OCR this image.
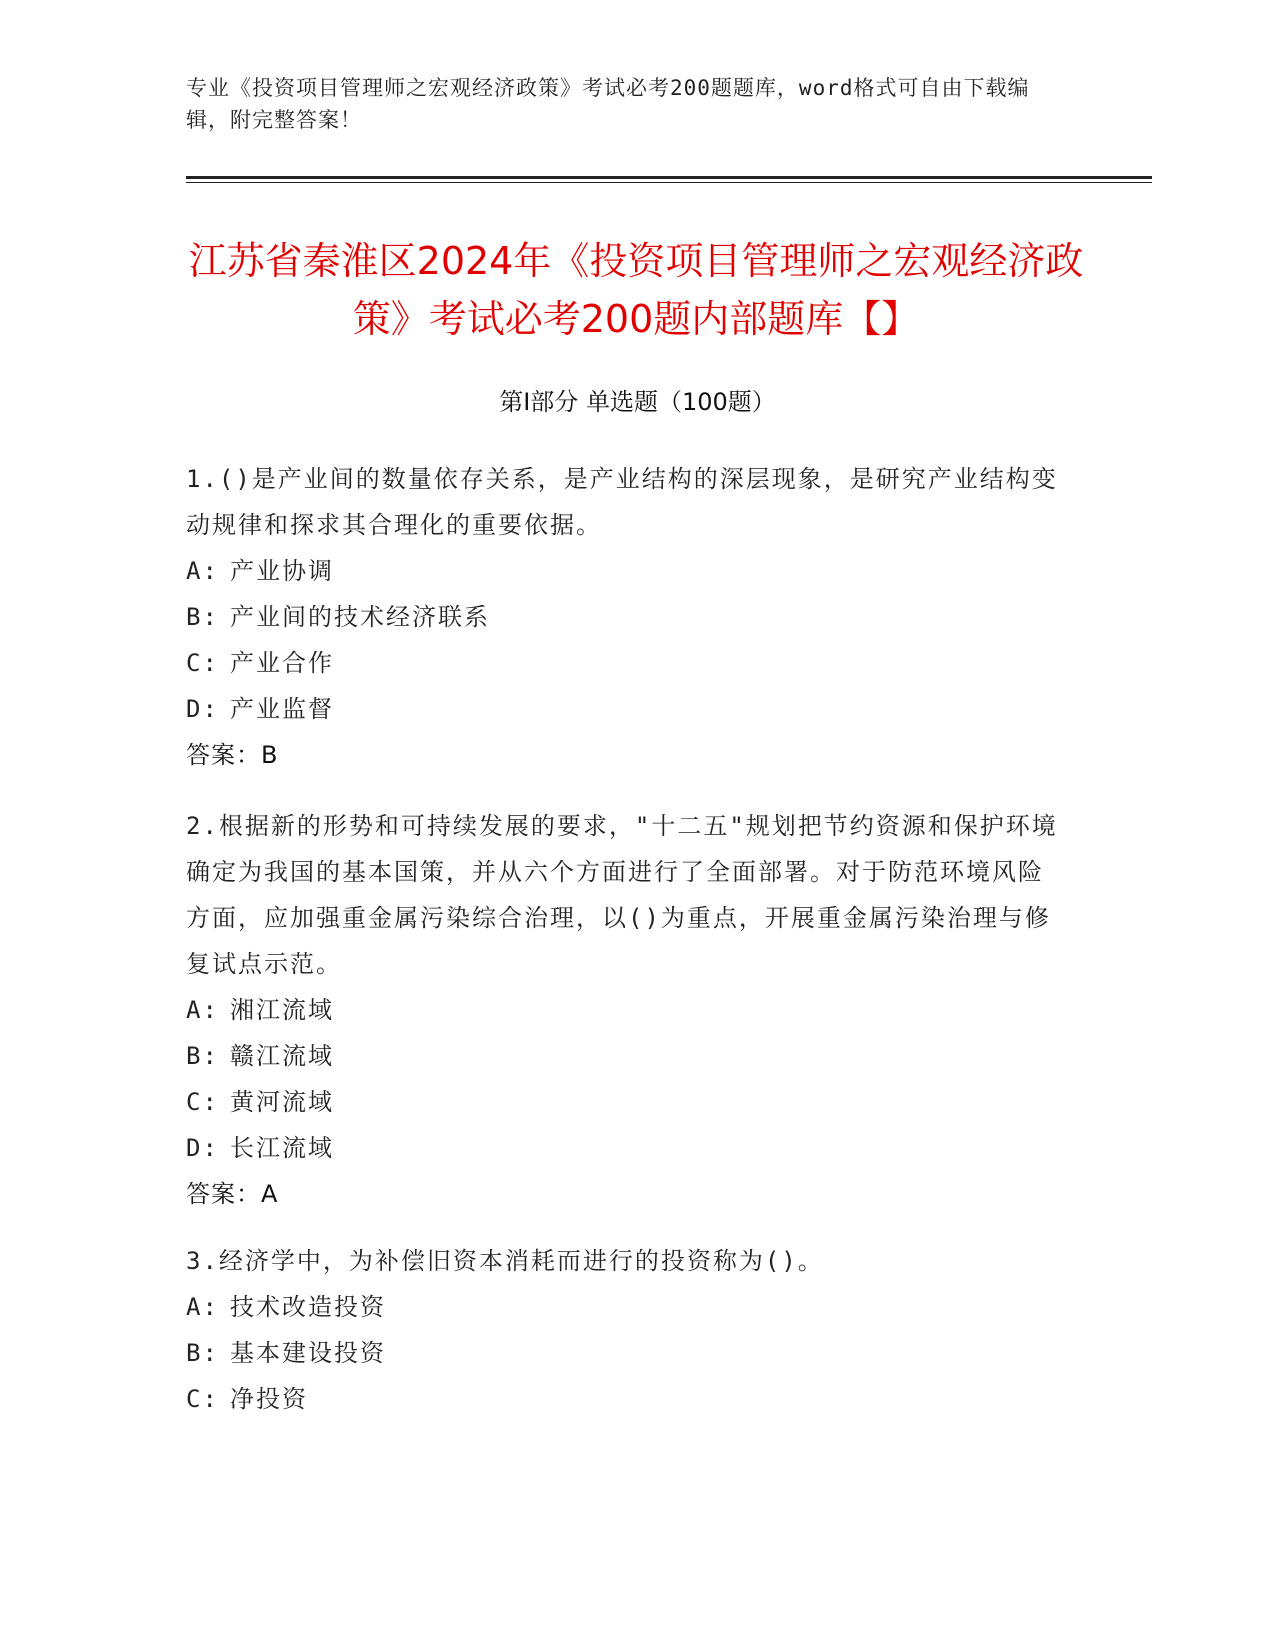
专业《投资项目管理师之宏观经济政策》考试必考200题题库，word格式可自由下载编辑，附完整答案！
江苏省秦淮区2024年《投资项目管理师之宏观经济政策》考试必考200题内部题库【】
第Ⅰ部分 单选题（100题）
1.()是产业间的数量依存关系，是产业结构的深层现象，是研究产业结构变动规律和探求其合理化的重要依据。
A: 产业协调
B: 产业间的技术经济联系
C: 产业合作
D: 产业监督
答案：B
2.根据新的形势和可持续发展的要求，"十二五"规划把节约资源和保护环境确定为我国的基本国策，并从六个方面进行了全面部署。对于防范环境风险方面，应加强重金属污染综合治理，以()为重点，开展重金属污染治理与修复试点示范。
A: 湘江流域
B: 赣江流域
C: 黄河流域
D: 长江流域
答案：A
3.经济学中，为补偿旧资本消耗而进行的投资称为()。
A: 技术改造投资
B: 基本建设投资
C: 净投资
